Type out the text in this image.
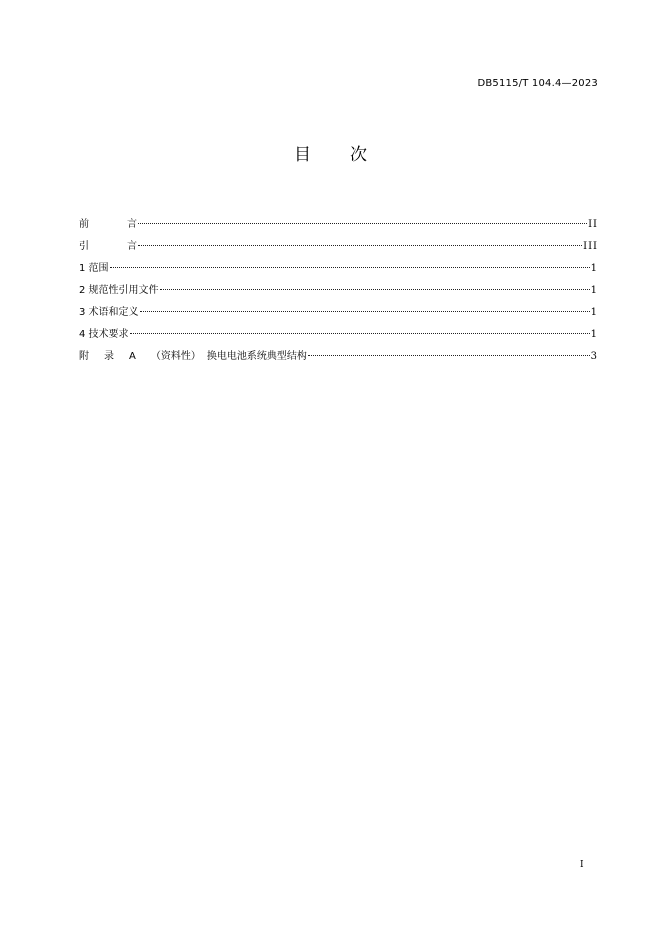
DB5115/T 104.4—2023
目 次
前	言	II
引	言	III
1 范围	1
2 规范性引用文件	1
3 术语和定义	1
4 技术要求	1
附 录 A （资料性） 换电电池系统典型结构	3
I
